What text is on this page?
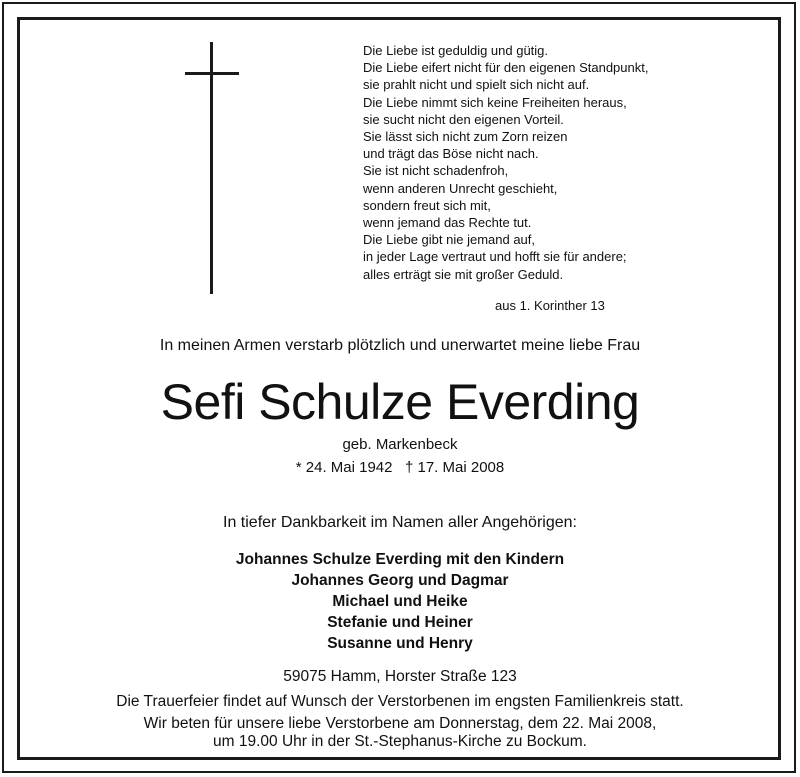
Die Liebe ist geduldig und gütig.
Die Liebe eifert nicht für den eigenen Standpunkt,
sie prahlt nicht und spielt sich nicht auf.
Die Liebe nimmt sich keine Freiheiten heraus,
sie sucht nicht den eigenen Vorteil.
Sie lässt sich nicht zum Zorn reizen
und trägt das Böse nicht nach.
Sie ist nicht schadenfroh,
wenn anderen Unrecht geschieht,
sondern freut sich mit,
wenn jemand das Rechte tut.
Die Liebe gibt nie jemand auf,
in jeder Lage vertraut und hofft sie für andere;
alles erträgt sie mit großer Geduld.
aus 1. Korinther 13
In meinen Armen verstarb plötzlich und unerwartet meine liebe Frau
Sefi Schulze Everding
geb. Markenbeck
* 24. Mai 1942   † 17. Mai 2008
In tiefer Dankbarkeit im Namen aller Angehörigen:
Johannes Schulze Everding mit den Kindern
Johannes Georg und Dagmar
Michael und Heike
Stefanie und Heiner
Susanne und Henry
59075 Hamm, Horster Straße 123
Die Trauerfeier findet auf Wunsch der Verstorbenen im engsten Familienkreis statt.
Wir beten für unsere liebe Verstorbene am Donnerstag, dem 22. Mai 2008,
um 19.00 Uhr in der St.-Stephanus-Kirche zu Bockum.
